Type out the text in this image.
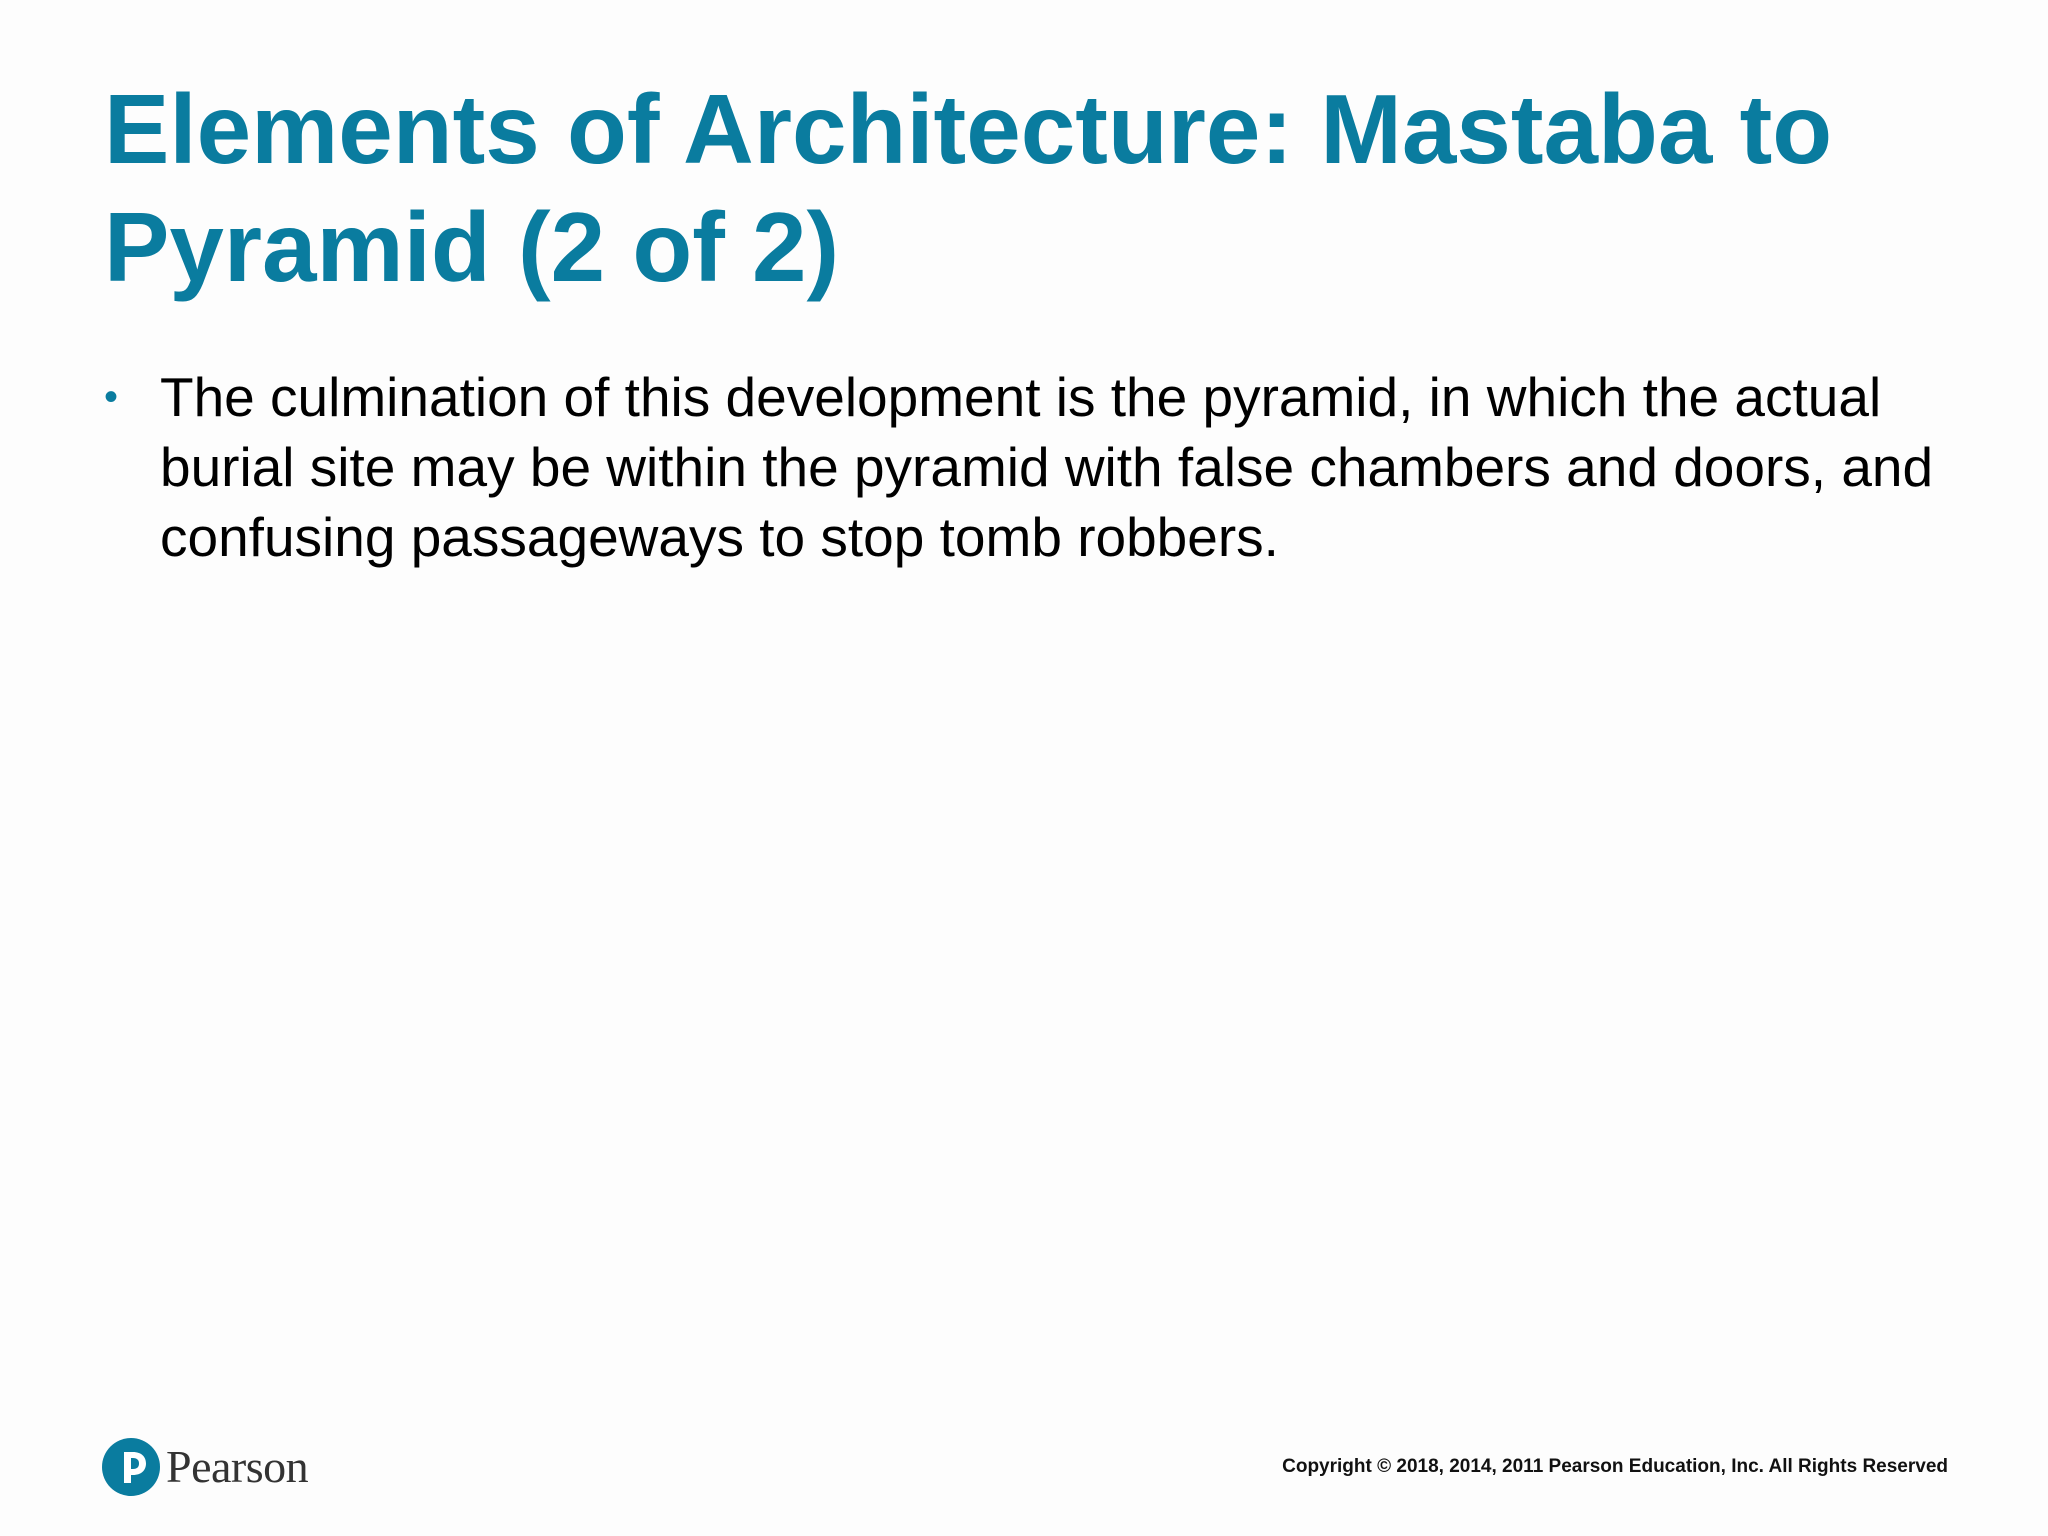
Elements of Architecture: Mastaba to Pyramid (2 of 2)
• The culmination of this development is the pyramid, in which the actual burial site may be within the pyramid with false chambers and doors, and confusing passageways to stop tomb robbers.
Pearson	Copyright © 2018, 2014, 2011 Pearson Education, Inc. All Rights Reserved
